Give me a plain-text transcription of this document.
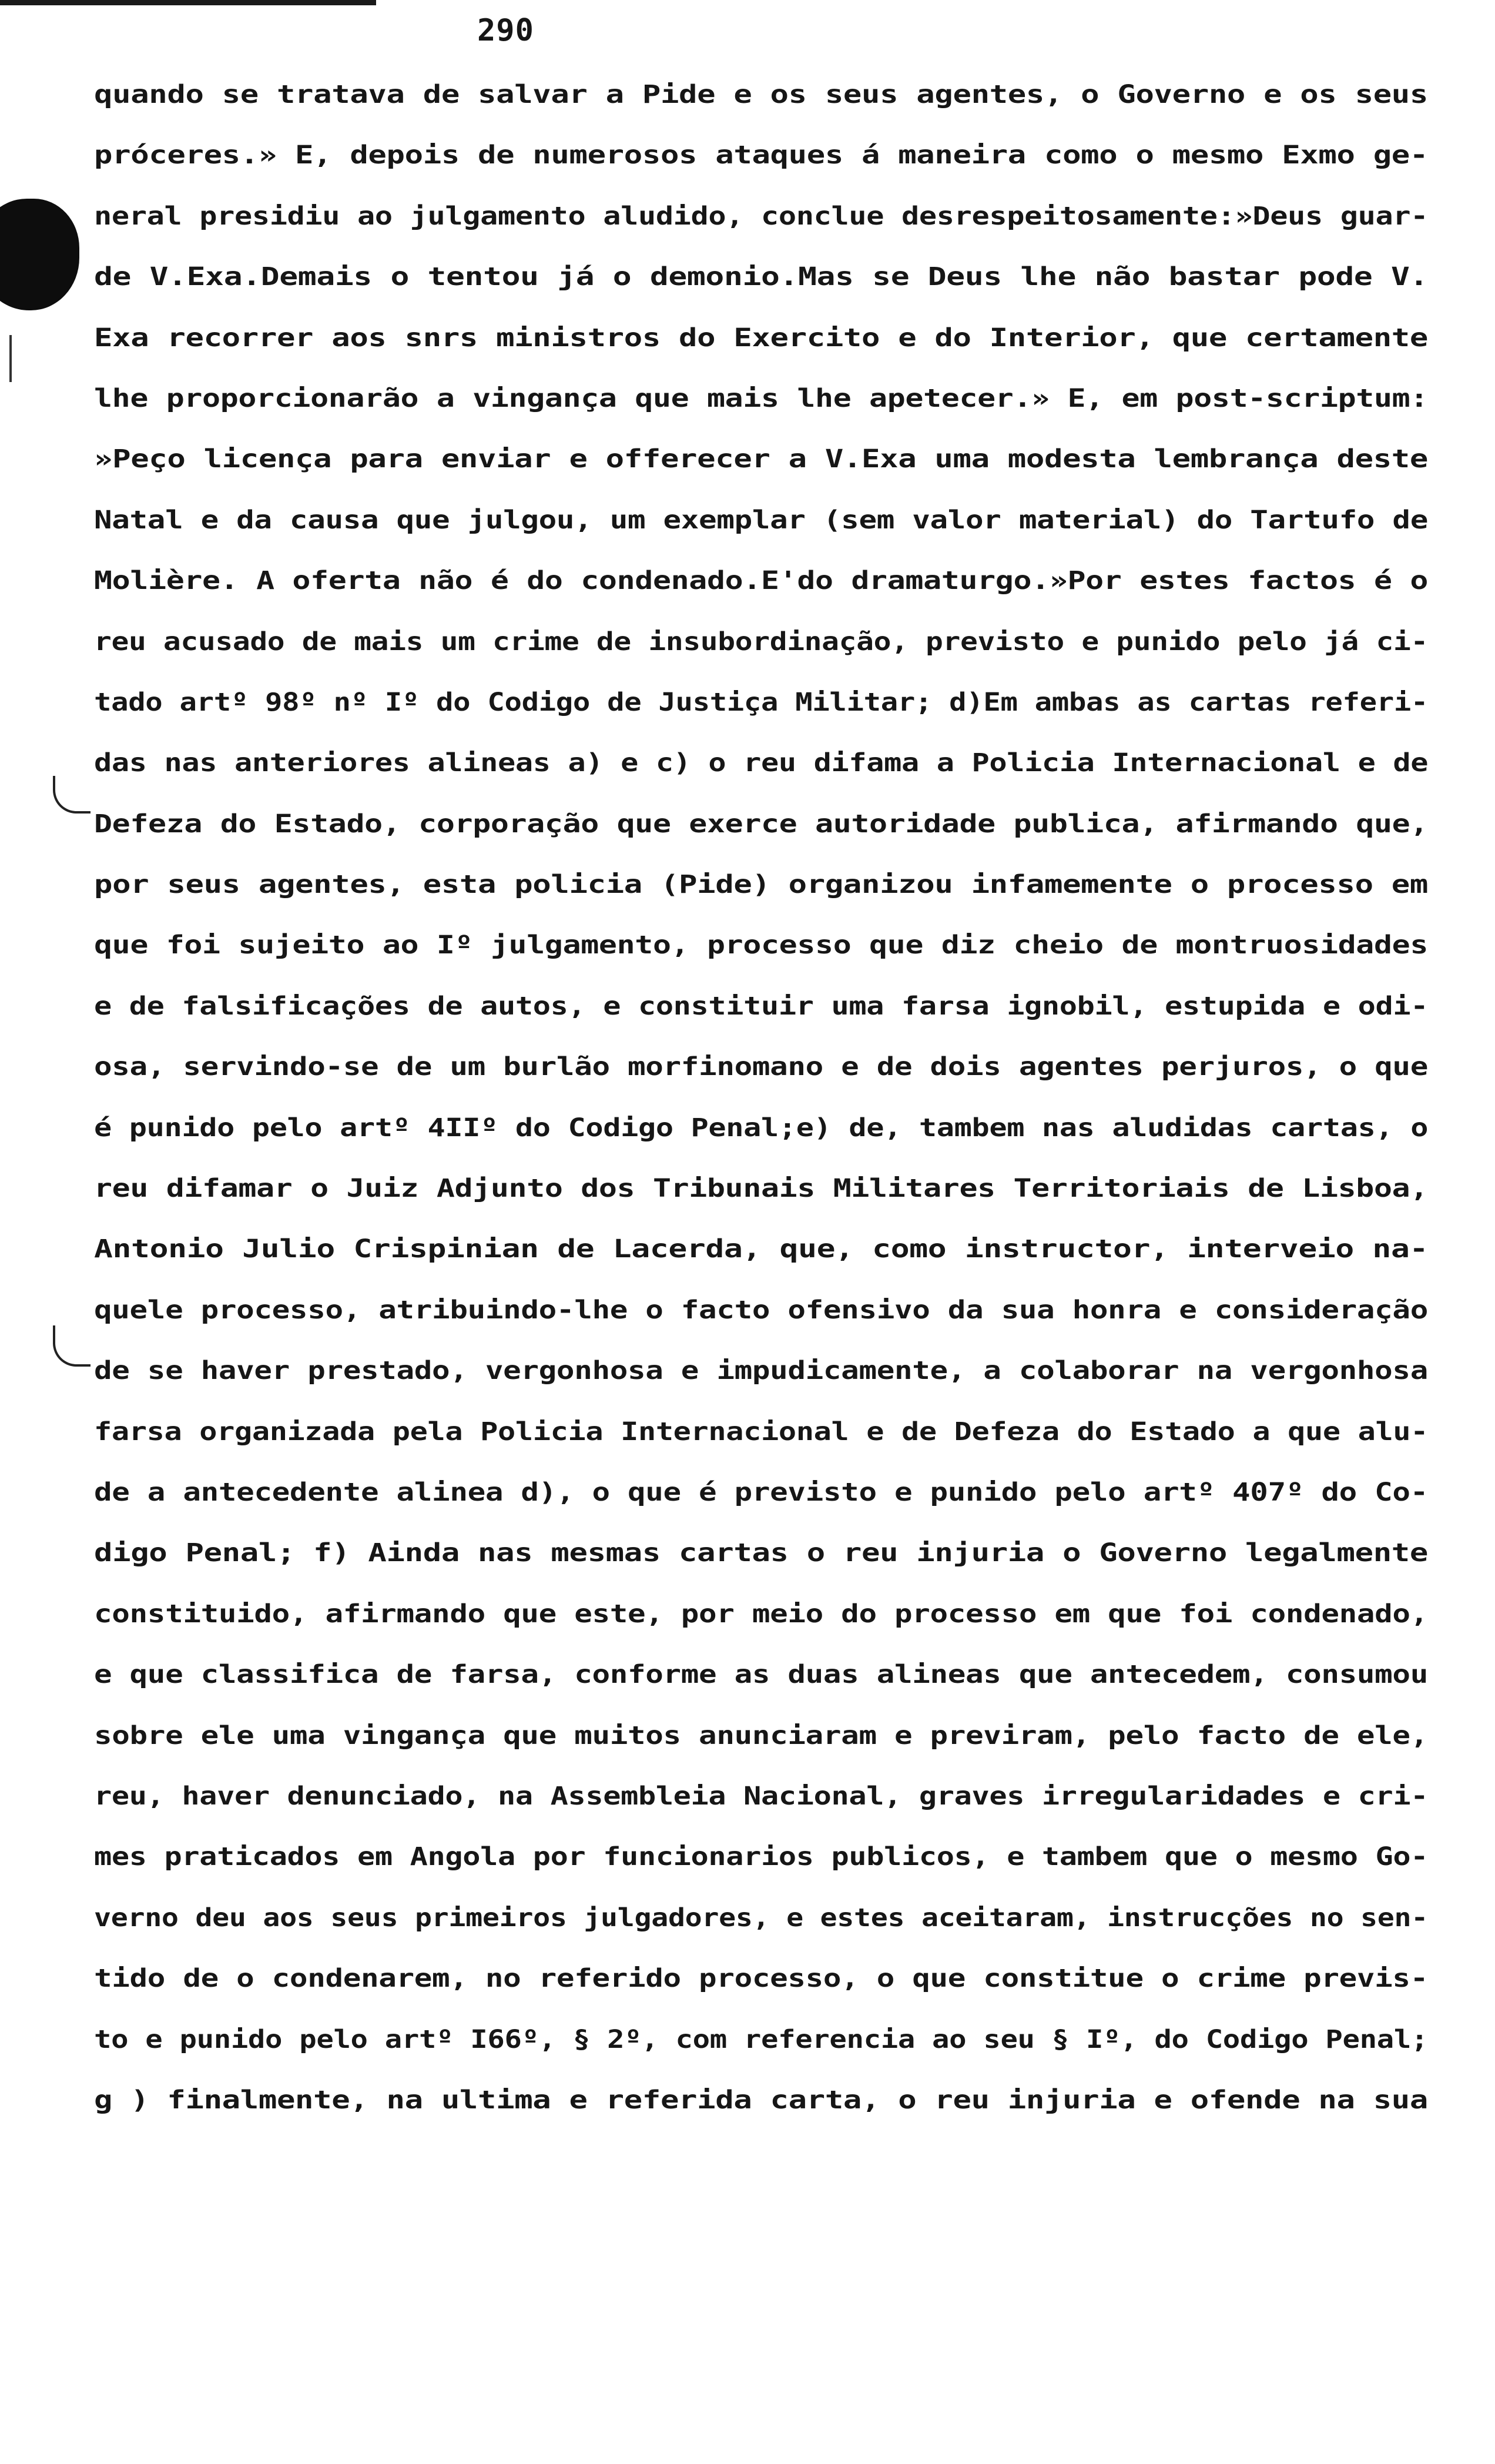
290
quando se tratava de salvar a Pide e os seus agentes, o Governo e os seus
próceres.» E, depois de numerosos ataques á maneira como o mesmo Exmo ge-
neral presidiu ao julgamento aludido, conclue desrespeitosamente:»Deus guar-
de V.Exa.Demais o tentou já o demonio.Mas se Deus lhe não bastar pode V.
Exa recorrer aos snrs ministros do Exercito e do Interior, que certamente
lhe proporcionarão a vingança que mais lhe apetecer.» E, em post-scriptum:
»Peço licença para enviar e offerecer a V.Exa uma modesta lembrança deste
Natal e da causa que julgou, um exemplar (sem valor material) do Tartufo de
Molière. A oferta não é do condenado.E'do dramaturgo.»Por estes factos é o
reu acusado de mais um crime de insubordinação, previsto e punido pelo já ci-
tado artº 98º nº Iº do Codigo de Justiça Militar; d)Em ambas as cartas referi-
das nas anteriores alineas a) e c) o reu difama a Policia Internacional e de
Defeza do Estado, corporação que exerce autoridade publica, afirmando que,
por seus agentes, esta policia (Pide) organizou infamemente o processo em
que foi sujeito ao Iº julgamento, processo que diz cheio de montruosidades
e de falsificações de autos, e constituir uma farsa ignobil, estupida e odi-
osa, servindo-se de um burlão morfinomano e de dois agentes perjuros, o que
é punido pelo artº 4IIº do Codigo Penal;e) de, tambem nas aludidas cartas, o
reu difamar o Juiz Adjunto dos Tribunais Militares Territoriais de Lisboa,
Antonio Julio Crispinian de Lacerda, que, como instructor, interveio na-
quele processo, atribuindo-lhe o facto ofensivo da sua honra e consideração
de se haver prestado, vergonhosa e impudicamente, a colaborar na vergonhosa
farsa organizada pela Policia Internacional e de Defeza do Estado a que alu-
de a antecedente alinea d), o que é previsto e punido pelo artº 407º do Co-
digo Penal; f) Ainda nas mesmas cartas o reu injuria o Governo legalmente
constituido, afirmando que este, por meio do processo em que foi condenado,
e que classifica de farsa, conforme as duas alineas que antecedem, consumou
sobre ele uma vingança que muitos anunciaram e previram, pelo facto de ele,
reu, haver denunciado, na Assembleia Nacional, graves irregularidades e cri-
mes praticados em Angola por funcionarios publicos, e tambem que o mesmo Go-
verno deu aos seus primeiros julgadores, e estes aceitaram, instrucções no sen-
tido de o condenarem, no referido processo, o que constitue o crime previs-
to e punido pelo artº I66º, § 2º, com referencia ao seu § Iº, do Codigo Penal;
g ) finalmente, na ultima e referida carta, o reu injuria e ofende na sua
